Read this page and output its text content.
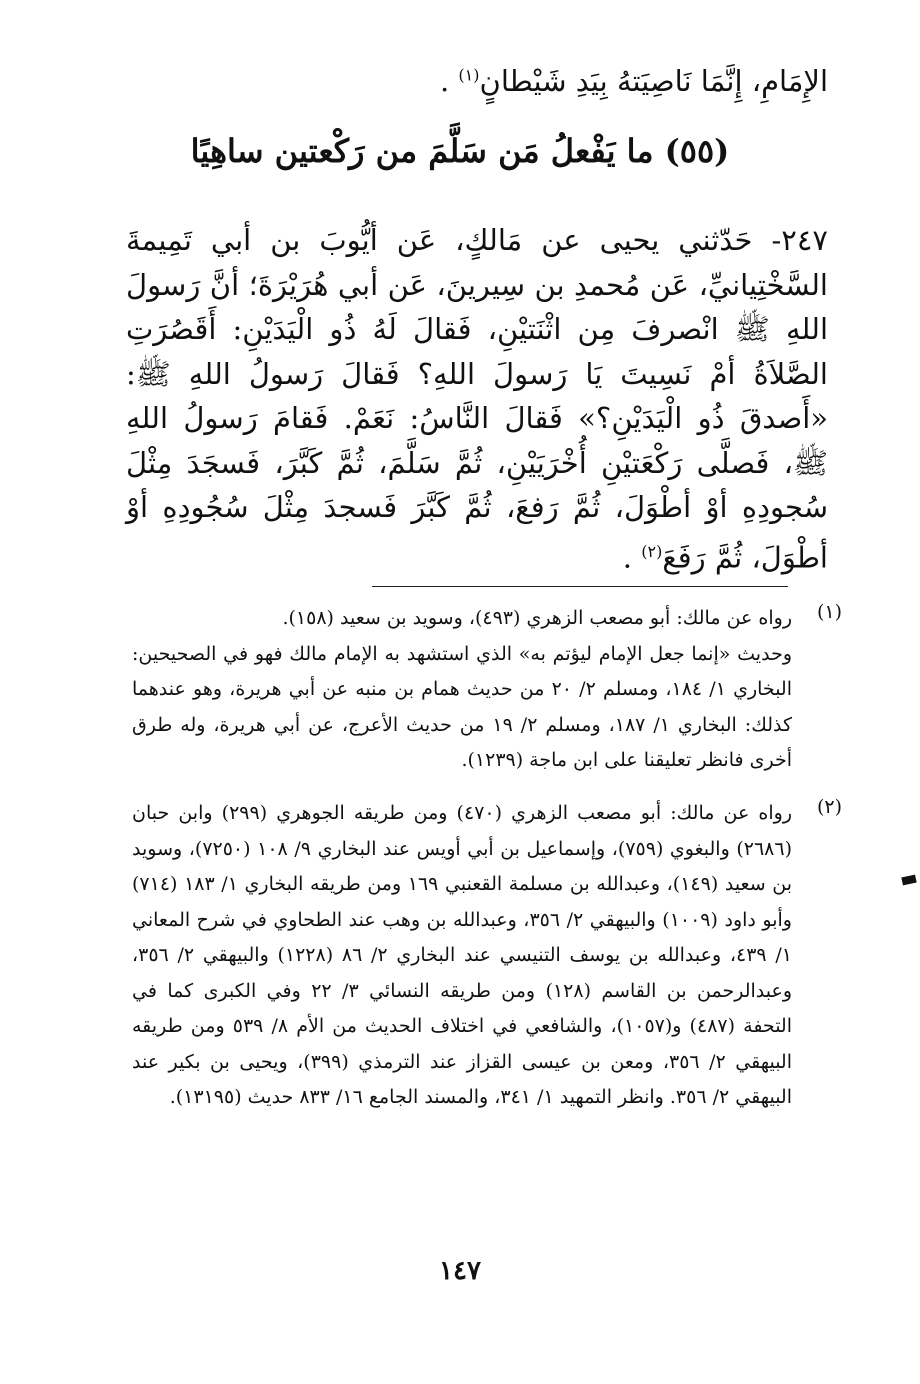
الإِمَامِ، إِنَّمَا نَاصِيَتهُ بِيَدِ شَيْطانٍ$^{(١)}$ .
(٥٥) ما يَفْعلُ مَن سَلَّمَ من رَكْعتين ساهِيًا

٢٤٧- حَدّثني يحيى عن مَالكٍ، عَن أيُّوبَ بن أبي تَمِيمةَ السَّخْتِيانيِّ، عَن مُحمدِ بن سِيرينَ، عَن أبي هُرَيْرَةَ؛ أنَّ رَسولَ اللهِ ﷺ انْصرفَ مِن اثْنَتيْنِ، فَقالَ لَهُ ذُو الْيَدَيْنِ: أَقَصُرَتِ الصَّلاَةُ أمْ نَسِيتَ يَا رَسولَ اللهِ؟ فَقالَ رَسولُ اللهِ ﷺ: «أَصدقَ ذُو الْيَدَيْنِ؟» فَقالَ النَّاسُ: نَعَمْ. فَقامَ رَسولُ اللهِ ﷺ، فَصلَّى رَكْعَتيْنِ أُخْرَيَيْنِ، ثُمَّ سَلَّمَ، ثُمَّ كَبَّرَ، فَسجَدَ مِثْلَ سُجودِهِ أوْ أطْوَلَ، ثُمَّ رَفعَ، ثُمَّ كَبَّرَ فَسجدَ مِثْلَ سُجُودِهِ أوْ أطْوَلَ، ثُمَّ رَفَعَ$^{(٢)}$ .

(١)

رواه عن مالك: أبو مصعب الزهري (٤٩٣)، وسويد بن سعيد (١٥٨).

وحديث «إنما جعل الإمام ليؤتم به» الذي استشهد به الإمام مالك فهو في الصحيحين: البخاري ١/ ١٨٤، ومسلم ٢/ ٢٠ من حديث همام بن منبه عن أبي هريرة، وهو عندهما كذلك: البخاري ١/ ١٨٧، ومسلم ٢/ ١٩ من حديث الأعرج، عن أبي هريرة، وله طرق أخرى فانظر تعليقنا على ابن ماجة (١٢٣٩).

(٢)

رواه عن مالك: أبو مصعب الزهري (٤٧٠) ومن طريقه الجوهري (٢٩٩) وابن حبان (٢٦٨٦) والبغوي (٧٥٩)، وإسماعيل بن أبي أويس عند البخاري ٩/ ١٠٨ (٧٢٥٠)، وسويد بن سعيد (١٤٩)، وعبدالله بن مسلمة القعنبي ١٦٩ ومن طريقه البخاري ١/ ١٨٣ (٧١٤) وأبو داود (١٠٠٩) والبيهقي ٢/ ٣٥٦، وعبدالله بن وهب عند الطحاوي في شرح المعاني ١/ ٤٣٩، وعبدالله بن يوسف التنيسي عند البخاري ٢/ ٨٦ (١٢٢٨) والبيهقي ٢/ ٣٥٦، وعبدالرحمن بن القاسم (١٢٨) ومن طريقه النسائي ٣/ ٢٢ وفي الكبرى كما في التحفة (٤٨٧) و(١٠٥٧)، والشافعي في اختلاف الحديث من الأم ٨/ ٥٣٩ ومن طريقه البيهقي ٢/ ٣٥٦، ومعن بن عيسى القزاز عند الترمذي (٣٩٩)، ويحيى بن بكير عند البيهقي ٢/ ٣٥٦. وانظر التمهيد ١/ ٣٤١، والمسند الجامع ١٦/ ٨٣٣ حديث (١٣١٩٥).

١٤٧
